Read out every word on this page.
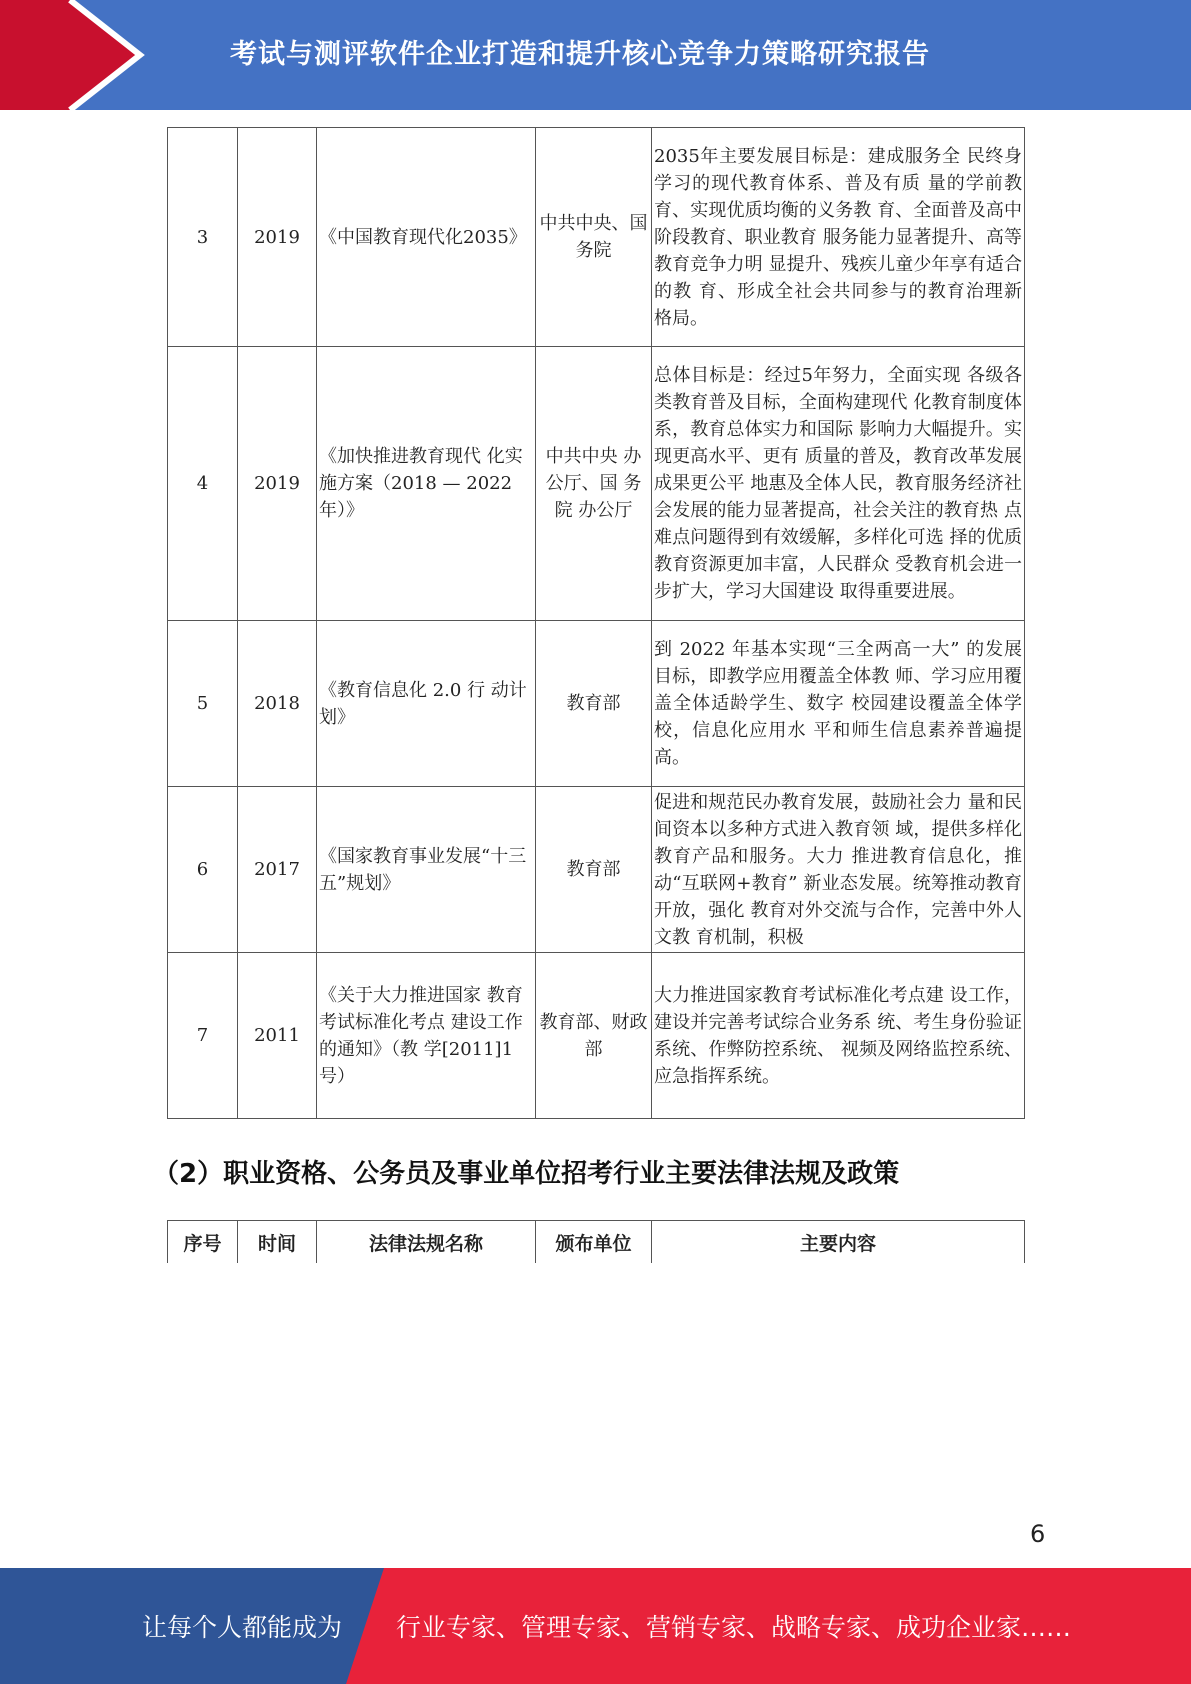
考试与测评软件企业打造和提升核心竞争力策略研究报告
3	2019	《中国教育现代化2035》	中共中央、国务院	2035年主要发展目标是：建成服务全 民终身学习的现代教育体系、普及有质 量的学前教育、实现优质均衡的义务教 育、全面普及高中阶段教育、职业教育 服务能力显著提升、高等教育竞争力明 显提升、残疾儿童少年享有适合的教 育、形成全社会共同参与的教育治理新 格局。
4	2019	《加快推进教育现代 化实施方案（2018 — 2022年）》	中共中央 办公厅、国 务院 办公厅	总体目标是：经过5年努力，全面实现 各级各类教育普及目标，全面构建现代 化教育制度体系，教育总体实力和国际 影响力大幅提升。实现更高水平、更有 质量的普及，教育改革发展成果更公平 地惠及全体人民，教育服务经济社会发展的能力显著提高，社会关注的教育热 点难点问题得到有效缓解，多样化可选 择的优质教育资源更加丰富，人民群众 受教育机会进一步扩大，学习大国建设 取得重要进展。
5	2018	《教育信息化 2.0 行 动计划》	教育部	到 2022 年基本实现“三全两高一大” 的发展目标，即教学应用覆盖全体教 师、学习应用覆盖全体适龄学生、数字 校园建设覆盖全体学校，信息化应用水 平和师生信息素养普遍提高。
6	2017	《国家教育事业发展“十三五”规划》	教育部	促进和规范民办教育发展，鼓励社会力 量和民间资本以多种方式进入教育领 域，提供多样化教育产品和服务。大力 推进教育信息化，推动“互联网+教育” 新业态发展。统筹推动教育开放，强化 教育对外交流与合作，完善中外人文教 育机制，积极
7	2011	《关于大力推进国家 教育考试标准化考点 建设工作的通知》（教 学[2011]1 号）	教育部、财政部	大力推进国家教育考试标准化考点建 设工作，建设并完善考试综合业务系 统、考生身份验证系统、作弊防控系统、 视频及网络监控系统、应急指挥系统。
（2）职业资格、公务员及事业单位招考行业主要法律法规及政策
序号	时间	法律法规名称	颁布单位	主要内容
6
让每个人都能成为 行业专家、管理专家、营销专家、战略专家、成功企业家……
